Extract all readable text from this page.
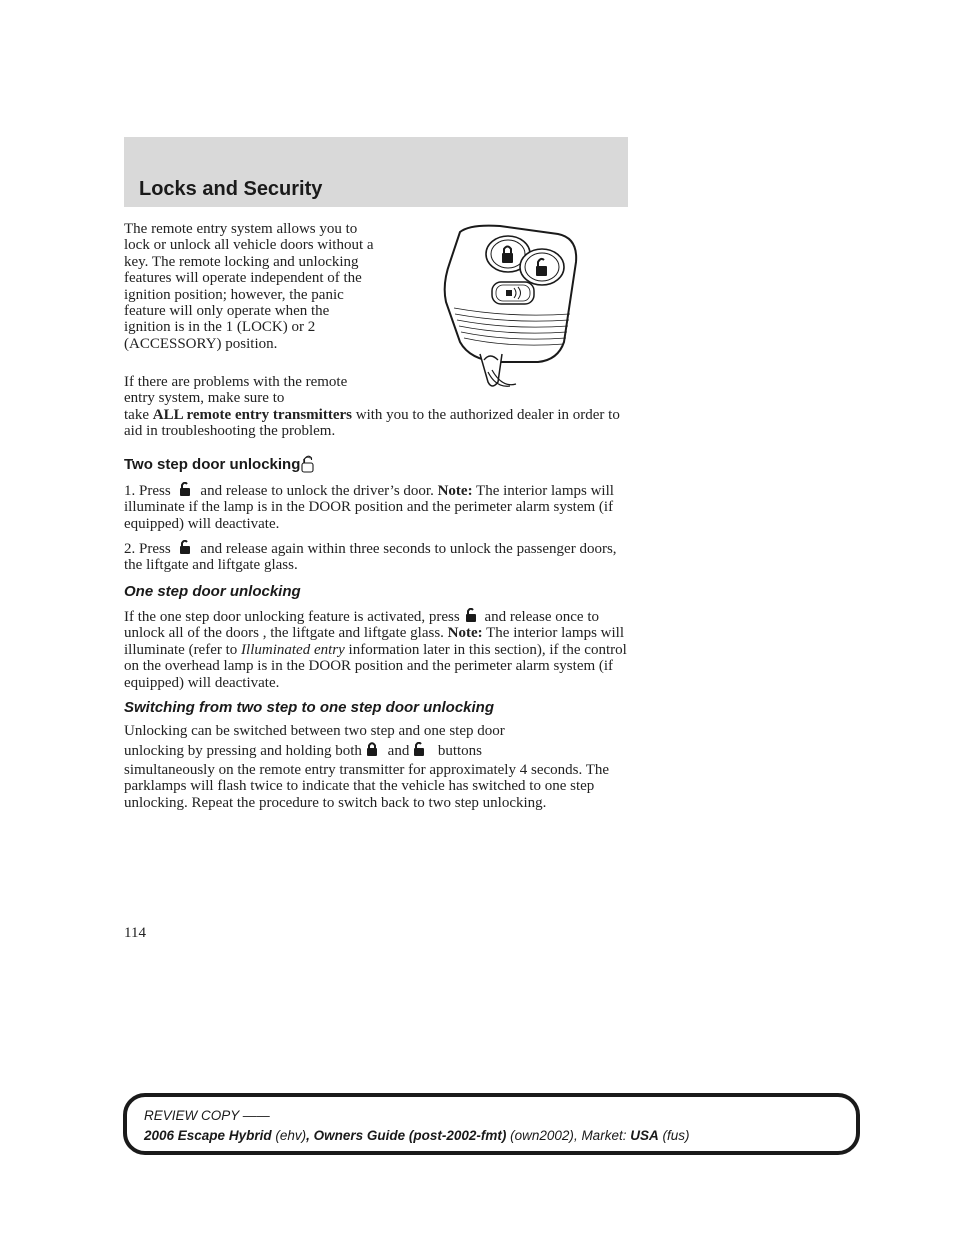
Locks and Security

The remote entry system allows you to lock or unlock all vehicle doors without a key. The remote locking and unlocking features will operate independent of the ignition position; however, the panic feature will only operate when the ignition is in the 1 (LOCK) or 2 (ACCESSORY) position.

If there are problems with the remote entry system, make sure to

take ALL remote entry transmitters with you to the authorized dealer in order to aid in troubleshooting the problem.

Two step door unlocking

1. Press and release to unlock the driver’s door. Note: The interior lamps will illuminate if the lamp is in the DOOR position and the perimeter alarm system (if equipped) will deactivate.

2. Press and release again within three seconds to unlock the passenger doors, the liftgate and liftgate glass.

One step door unlocking

If the one step door unlocking feature is activated, press and release once to unlock all of the doors , the liftgate and liftgate glass. Note: The interior lamps will illuminate (refer to Illuminated entry information later in this section), if the control on the overhead lamp is in the DOOR position and the perimeter alarm system (if equipped) will deactivate.

Switching from two step to one step door unlocking

Unlocking can be switched between two step and one step door

unlocking by pressing and holding both and  buttons

simultaneously on the remote entry transmitter for approximately 4 seconds. The parklamps will flash twice to indicate that the vehicle has switched to one step unlocking. Repeat the procedure to switch back to two step unlocking.

114
REVIEW COPY ——
2006 Escape Hybrid (ehv), Owners Guide (post-2002-fmt) (own2002), Market: USA (fus)
